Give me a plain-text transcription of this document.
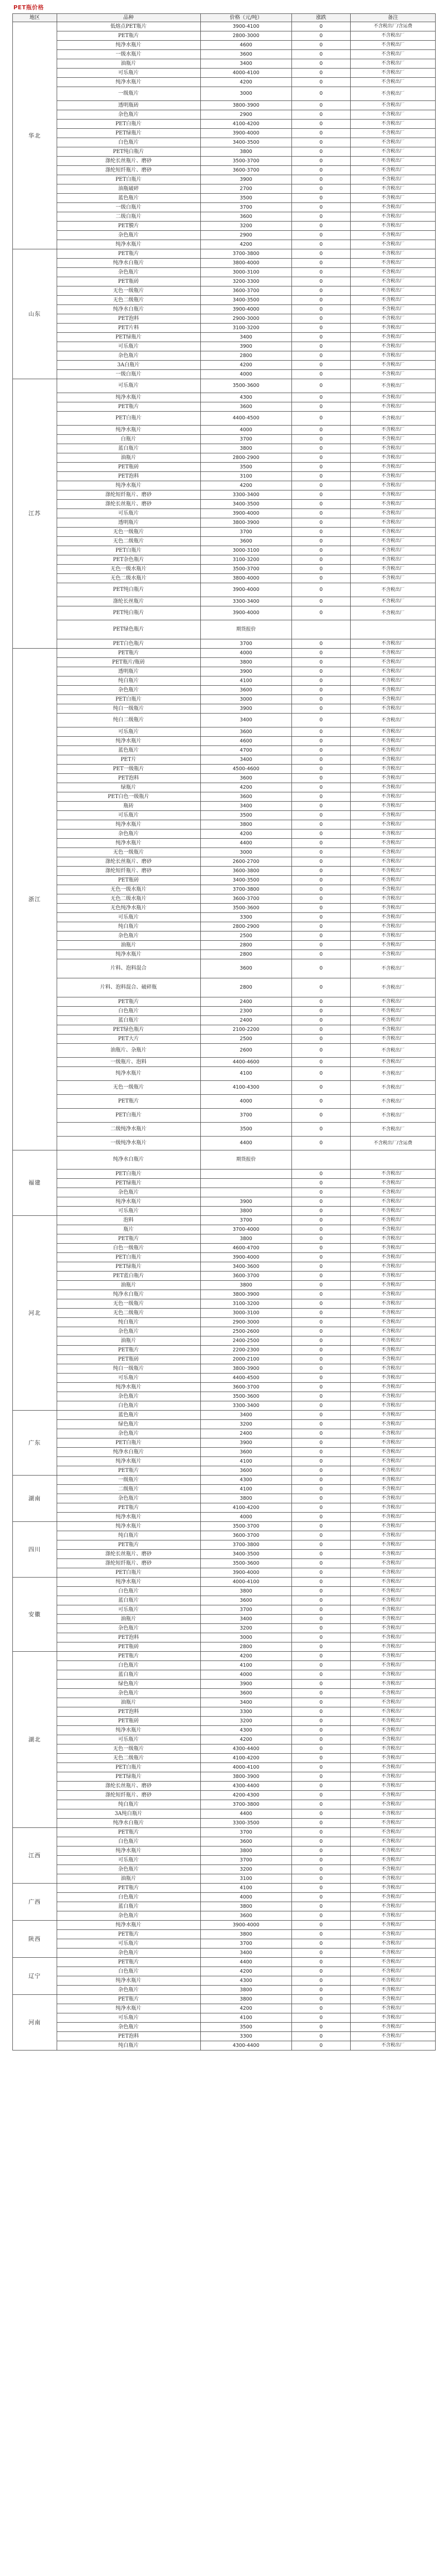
PET瓶价格
地区	品种	价格（元/吨）	涨跌	备注
华北	低熔点PET瓶片	3900-4100	0	不含税出厂/含运费
	PET瓶片	2800-3000	0	不含税出厂
	纯净水瓶片	4600	0	不含税出厂
	一级水瓶片	3600	0	不含税出厂
	油瓶片	3400	0	不含税出厂
	可乐瓶片	4000-4100	0	不含税出厂
	纯净水瓶片	4200	0	不含税出厂
	一级瓶片	3000	0	不含税出厂
	透明瓶砖	3800-3900	0	不含税出厂
	杂色瓶片	2900	0	不含税出厂
	PET白瓶片	4100-4200	0	不含税出厂
	PET绿瓶片	3900-4000	0	不含税出厂
	白色瓶片	3400-3500	0	不含税出厂
	PET纯白瓶片	3800	0	不含税出厂
	涤纶长丝瓶片、磨砂	3500-3700	0	不含税出厂
	涤纶短纤瓶片、磨砂	3600-3700	0	不含税出厂
	PET白瓶片	3900	0	不含税出厂
	油瓶破碎	2700	0	不含税出厂
	蓝色瓶片	3500	0	不含税出厂
	一级白瓶片	3700	0	不含税出厂
	二级白瓶片	3600	0	不含税出厂
	PET膜片	3200	0	不含税出厂
	杂色瓶片	2900	0	不含税出厂
	纯净水瓶片	4200	0	不含税出厂
山东	PET瓶片	3700-3800	0	不含税出厂
	纯净水白瓶片	3800-4000	0	不含税出厂
	杂色瓶片	3000-3100	0	不含税出厂
	PET瓶砖	3200-3300	0	不含税出厂
	无色一级瓶片	3600-3700	0	不含税出厂
	无色二级瓶片	3400-3500	0	不含税出厂
	纯净水白瓶片	3900-4000	0	不含税出厂
	PET泡料	2900-3000	0	不含税出厂
	PET片料	3100-3200	0	不含税出厂
	PET绿瓶片	3400	0	不含税出厂
	可乐瓶片	3900	0	不含税出厂
	杂色瓶片	2800	0	不含税出厂
	3A白瓶片	4200	0	不含税出厂
	一级白瓶片	4000	0	不含税出厂
江苏	可乐瓶片	3500-3600	0	不含税出厂
	纯净水瓶片	4300	0	不含税出厂
	PET瓶片	3600	0	不含税出厂
	PET白瓶片	4400-4500	0	不含税出厂
	纯净水瓶片	4000	0	不含税出厂
	白瓶片	3700	0	不含税出厂
	蓝白瓶片	3800	0	不含税出厂
	油瓶片	2800-2900	0	不含税出厂
	PET瓶砖	3500	0	不含税出厂
	PET泡料	3100	0	不含税出厂
	纯净水瓶片	4200	0	不含税出厂
	涤纶短纤瓶片、磨砂	3300-3400	0	不含税出厂
	涤纶长丝瓶片、磨砂	3400-3500	0	不含税出厂
	可乐瓶片	3900-4000	0	不含税出厂
	透明瓶片	3800-3900	0	不含税出厂
	无色一级瓶片	3700	0	不含税出厂
	无色二级瓶片	3600	0	不含税出厂
	PET白瓶片	3000-3100	0	不含税出厂
	PET杂色瓶片	3100-3200	0	不含税出厂
	无色一级水瓶片	3500-3700	0	不含税出厂
	无色二级水瓶片	3800-4000	0	不含税出厂
	PET纯白瓶片	3900-4000	0	不含税出厂
	涤纶长丝瓶片	3300-3400	0	不含税出厂
	PET纯白瓶片	3900-4000	0	不含税出厂
	PET绿色瓶片	期货报价		
	PET白色瓶片	3700	0	不含税出厂
浙江	PET瓶片	4000	0	不含税出厂
	PET瓶片/瓶砖	3800	0	不含税出厂
	透明瓶片	3900	0	不含税出厂
	纯白瓶片	4100	0	不含税出厂
	杂色瓶片	3600	0	不含税出厂
	PET白瓶片	3000	0	不含税出厂
	纯白一级瓶片	3900	0	不含税出厂
	纯白二级瓶片	3400	0	不含税出厂
	可乐瓶片	3600	0	不含税出厂
	纯净水瓶片	4600	0	不含税出厂
	蓝色瓶片	4700	0	不含税出厂
	PET片	3400	0	不含税出厂
	PET一级瓶片	4500-4600	0	不含税出厂
	PET泡料	3600	0	不含税出厂
	绿瓶片	4200	0	不含税出厂
	PET白色一级瓶片	3600	0	不含税出厂
	瓶砖	3400	0	不含税出厂
	可乐瓶片	3500	0	不含税出厂
	纯净水瓶片	3800	0	不含税出厂
	杂色瓶片	4200	0	不含税出厂
	纯净水瓶片	4400	0	不含税出厂
	无色一级瓶片	3000	0	不含税出厂
	涤纶长丝瓶片、磨砂	2600-2700	0	不含税出厂
	涤纶短纤瓶片、磨砂	3600-3800	0	不含税出厂
	PET瓶砖	3400-3500	0	不含税出厂
	无色一级水瓶片	3700-3800	0	不含税出厂
	无色二级水瓶片	3600-3700	0	不含税出厂
	无色纯净水瓶片	3500-3600	0	不含税出厂
	可乐瓶片	3300	0	不含税出厂
	纯白瓶片	2800-2900	0	不含税出厂
	杂色瓶片	2500	0	不含税出厂
	油瓶片	2800	0	不含税出厂
	纯净水瓶片	2800	0	不含税出厂
	片料、泡料混合	3600	0	不含税出厂
	片料、泡料混合、破碎瓶	2800	0	不含税出厂
	PET瓶片	2400	0	不含税出厂
	白色瓶片	2300	0	不含税出厂
	蓝白瓶片	2400	0	不含税出厂
	PET绿色瓶片	2100-2200	0	不含税出厂
	PET大片	2500	0	不含税出厂
	油瓶片、杂瓶片	2600	0	不含税出厂
	一级瓶片、泡料	4400-4600	0	不含税出厂
	纯净水瓶片	4100	0	不含税出厂
	无色一级瓶片	4100-4300	0	不含税出厂
	PET瓶片	4000	0	不含税出厂
	PET白瓶片	3700	0	不含税出厂
	二级纯净水瓶片	3500	0	不含税出厂
	一级纯净水瓶片	4400	0	不含税出厂/含运费
福建	纯净水白瓶片	期货报价		
	PET白瓶片		0	不含税出厂
	PET绿瓶片		0	不含税出厂
	杂色瓶片		0	不含税出厂
	纯净水瓶片	3900	0	不含税出厂
	可乐瓶片	3800	0	不含税出厂
河北	泡料	3700	0	不含税出厂
	瓶片	3700-4000	0	不含税出厂
	PET瓶片	3800	0	不含税出厂
	白色一级瓶片	4600-4700	0	不含税出厂
	PET白瓶片	3900-4000	0	不含税出厂
	PET绿瓶片	3400-3600	0	不含税出厂
	PET蓝白瓶片	3600-3700	0	不含税出厂
	油瓶片	3800	0	不含税出厂
	纯净水白瓶片	3800-3900	0	不含税出厂
	无色一级瓶片	3100-3200	0	不含税出厂
	无色二级瓶片	3000-3100	0	不含税出厂
	纯白瓶片	2900-3000	0	不含税出厂
	杂色瓶片	2500-2600	0	不含税出厂
	油瓶片	2400-2500	0	不含税出厂
	PET瓶片	2200-2300	0	不含税出厂
	PET瓶砖	2000-2100	0	不含税出厂
	纯白一级瓶片	3800-3900	0	不含税出厂
	可乐瓶片	4400-4500	0	不含税出厂
	纯净水瓶片	3600-3700	0	不含税出厂
	杂色瓶片	3500-3600	0	不含税出厂
	白色瓶片	3300-3400	0	不含税出厂
广东	蓝色瓶片	3400	0	不含税出厂
	绿色瓶片	3200	0	不含税出厂
	杂色瓶片	2400	0	不含税出厂
	PET白瓶片	3900	0	不含税出厂
	纯净水白瓶片	3600	0	不含税出厂
	纯净水瓶片	4100	0	不含税出厂
	PET瓶片	3600	0	不含税出厂
湖南	一级瓶片	4300	0	不含税出厂
	二级瓶片	4100	0	不含税出厂
	杂色瓶片	3800	0	不含税出厂
	PET瓶片	4100-4200	0	不含税出厂
	纯净水瓶片	4000	0	不含税出厂
四川	纯净水瓶片	3500-3700	0	不含税出厂
	纯白瓶片	3600-3700	0	不含税出厂
	PET瓶片	3700-3800	0	不含税出厂
	涤纶长丝瓶片、磨砂	3400-3500	0	不含税出厂
	涤纶短纤瓶片、磨砂	3500-3600	0	不含税出厂
	PET白瓶片	3900-4000	0	不含税出厂
安徽	纯净水瓶片	4000-4100	0	不含税出厂
	白色瓶片	3800	0	不含税出厂
	蓝白瓶片	3600	0	不含税出厂
	可乐瓶片	3700	0	不含税出厂
	油瓶片	3400	0	不含税出厂
	杂色瓶片	3200	0	不含税出厂
	PET泡料	3000	0	不含税出厂
	PET瓶砖	2800	0	不含税出厂
湖北	PET瓶片	4200	0	不含税出厂
	白色瓶片	4100	0	不含税出厂
	蓝白瓶片	4000	0	不含税出厂
	绿色瓶片	3900	0	不含税出厂
	杂色瓶片	3600	0	不含税出厂
	油瓶片	3400	0	不含税出厂
	PET泡料	3300	0	不含税出厂
	PET瓶砖	3200	0	不含税出厂
	纯净水瓶片	4300	0	不含税出厂
	可乐瓶片	4200	0	不含税出厂
	无色一级瓶片	4300-4400	0	不含税出厂
	无色二级瓶片	4100-4200	0	不含税出厂
	PET白瓶片	4000-4100	0	不含税出厂
	PET绿瓶片	3800-3900	0	不含税出厂
	涤纶长丝瓶片、磨砂	4300-4400	0	不含税出厂
	涤纶短纤瓶片、磨砂	4200-4300	0	不含税出厂
	纯白瓶片	3700-3800	0	不含税出厂
	3A纯白瓶片	4400	0	不含税出厂
	纯净水白瓶片	3300-3500	0	不含税出厂
江西	PET瓶片	3700	0	不含税出厂
	白色瓶片	3600	0	不含税出厂
	纯净水瓶片	3800	0	不含税出厂
	可乐瓶片	3700	0	不含税出厂
	杂色瓶片	3200	0	不含税出厂
	油瓶片	3100	0	不含税出厂
广西	PET瓶片	4100	0	不含税出厂
	白色瓶片	4000	0	不含税出厂
	蓝白瓶片	3800	0	不含税出厂
	杂色瓶片	3600	0	不含税出厂
陕西	纯净水瓶片	3900-4000	0	不含税出厂
	PET瓶片	3800	0	不含税出厂
	可乐瓶片	3700	0	不含税出厂
	杂色瓶片	3400	0	不含税出厂
辽宁	PET瓶片	4400	0	不含税出厂
	白色瓶片	4200	0	不含税出厂
	纯净水瓶片	4300	0	不含税出厂
	杂色瓶片	3800	0	不含税出厂
河南	PET瓶片	3800	0	不含税出厂
	纯净水瓶片	4200	0	不含税出厂
	可乐瓶片	4100	0	不含税出厂
	杂色瓶片	3500	0	不含税出厂
	PET泡料	3300	0	不含税出厂
	纯白瓶片	4300-4400	0	不含税出厂
